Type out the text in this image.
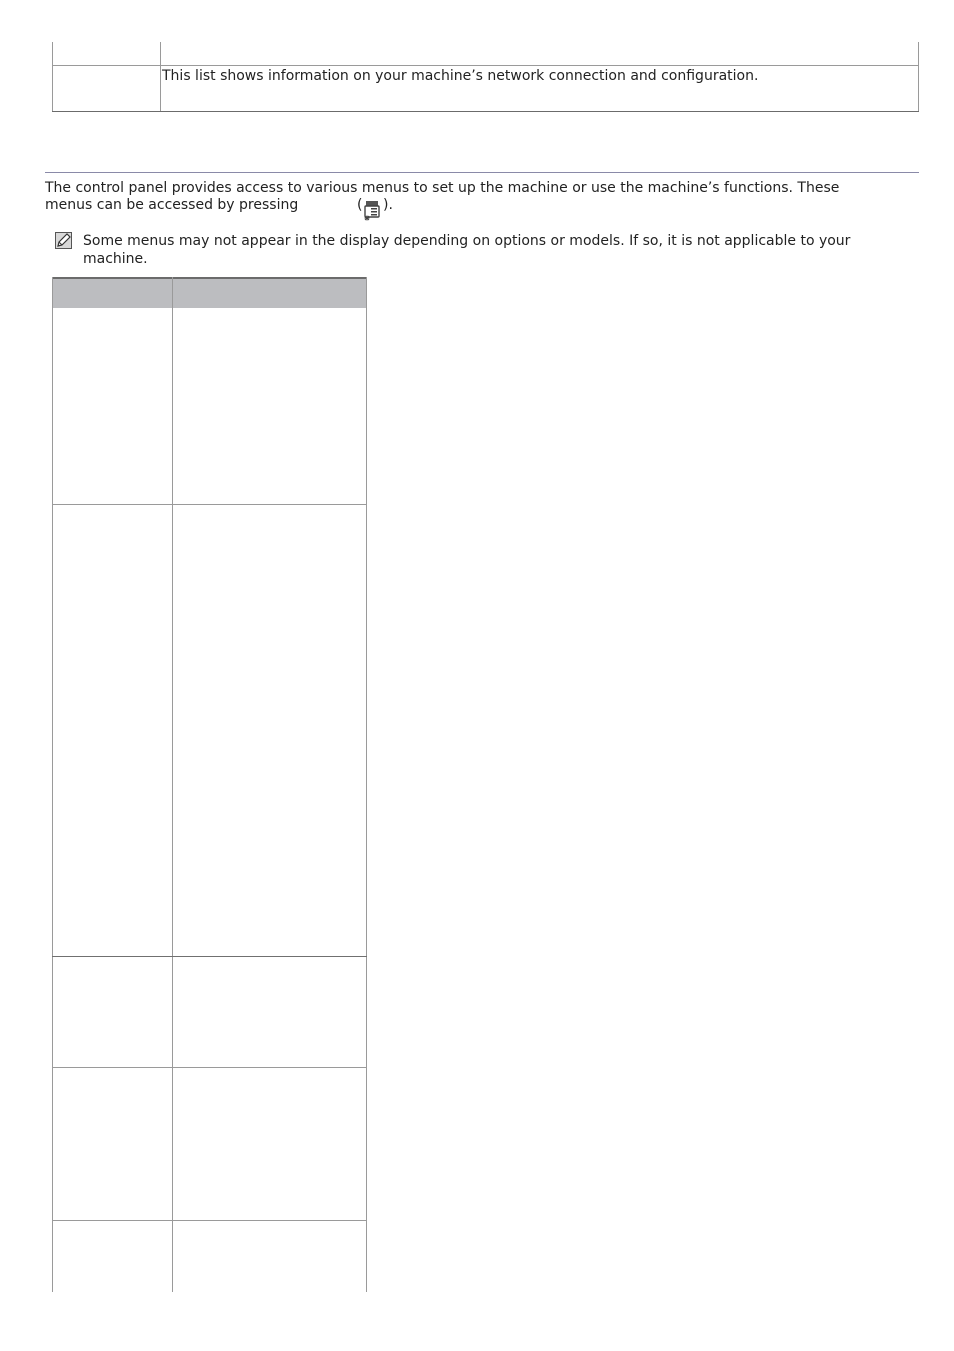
This list shows information on your machine’s network connection and configuration.
The control panel provides access to various menus to set up the machine or use the machine’s functions. These
menus can be accessed by pressing	( ).
Some menus may not appear in the display depending on options or models. If so, it is not applicable to your
machine.
